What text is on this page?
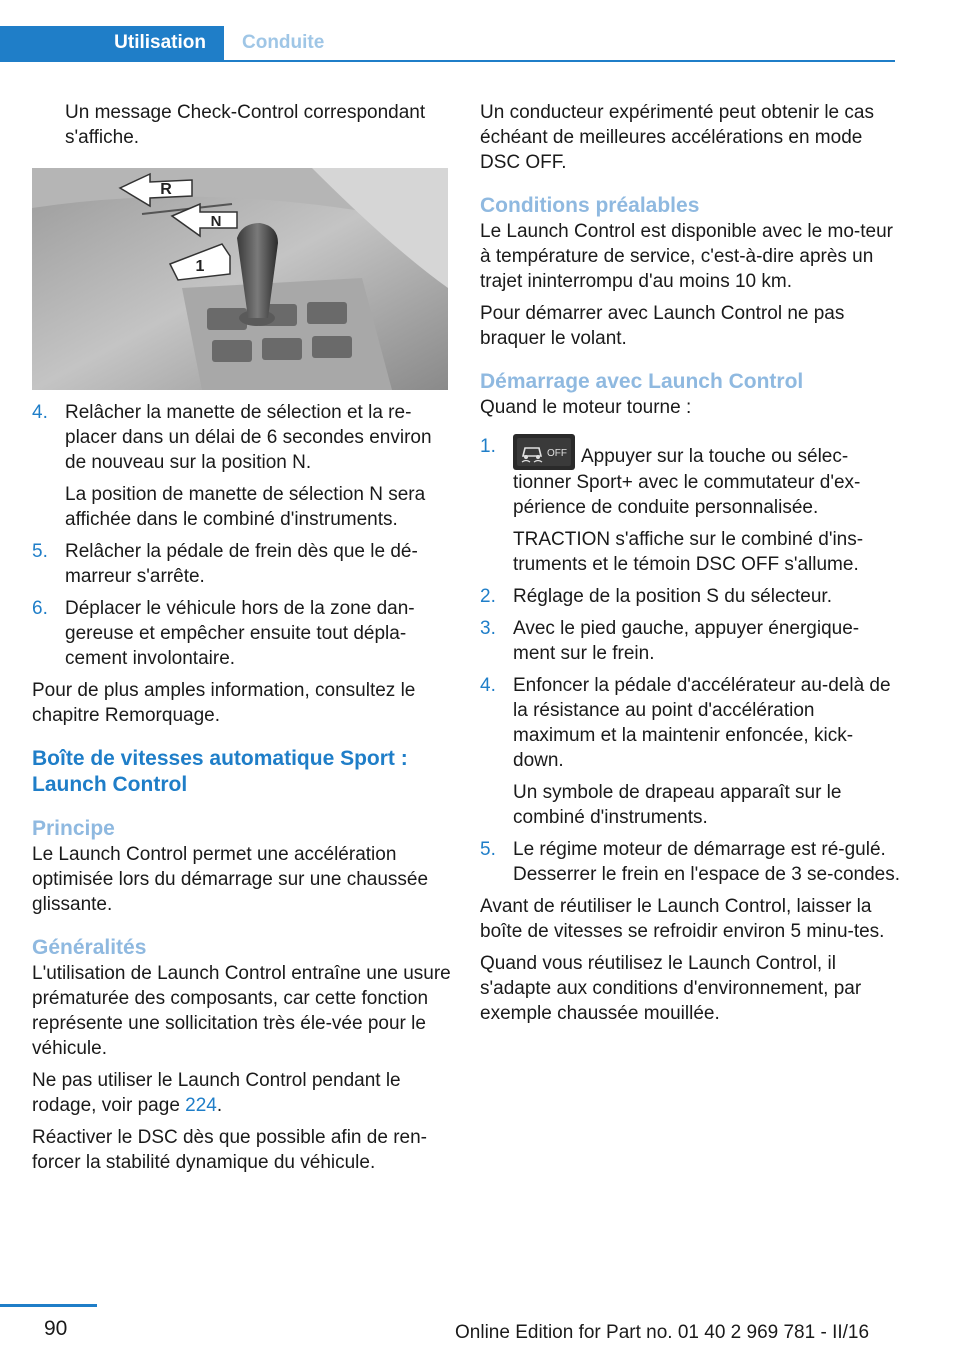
Utilisation	Conduite

Un message Check-Control correspondant s'affiche.

R
N
1
4. Relâcher la manette de sélection et la re‐placer dans un délai de 6 secondes environ de nouveau sur la position N.

La position de manette de sélection N sera affichée dans le combiné d'instruments.

5. Relâcher la pédale de frein dès que le dé‐marreur s'arrête.

6. Déplacer le véhicule hors de la zone dan‐gereuse et empêcher ensuite tout dépla‐cement involontaire.

Pour de plus amples information, consultez le chapitre Remorquage.

Boîte de vitesses automatique Sport : Launch Control
Principe

Le Launch Control permet une accélération optimisée lors du démarrage sur une chaussée glissante.

Généralités

L'utilisation de Launch Control entraîne une usure prématurée des composants, car cette fonction représente une sollicitation très éle‐vée pour le véhicule.

Ne pas utiliser le Launch Control pendant le rodage, voir page 224.

Réactiver le DSC dès que possible afin de ren‐forcer la stabilité dynamique du véhicule.

Un conducteur expérimenté peut obtenir le cas échéant de meilleures accélérations en mode DSC OFF.

Conditions préalables

Le Launch Control est disponible avec le mo‐teur à température de service, c'est-à-dire après un trajet ininterrompu d'au moins 10 km.

Pour démarrer avec Launch Control ne pas braquer le volant.

Démarrage avec Launch Control

Quand le moteur tourne :

1.	OFF Appuyer sur la touche ou sélec‐tionner Sport+ avec le commutateur d'ex‐périence de conduite personnalisée.

TRACTION s'affiche sur le combiné d'ins‐truments et le témoin DSC OFF s'allume.

2. Réglage de la position S du sélecteur.

3. Avec le pied gauche, appuyer énergique‐ment sur le frein.

4. Enfoncer la pédale d'accélérateur au-delà de la résistance au point d'accélération maximum et la maintenir enfoncée, kick‐down.

Un symbole de drapeau apparaît sur le combiné d'instruments.

5. Le régime moteur de démarrage est ré‐gulé. Desserrer le frein en l'espace de 3 se‐condes.

Avant de réutiliser le Launch Control, laisser la boîte de vitesses se refroidir environ 5 minu‐tes.

Quand vous réutilisez le Launch Control, il s'adapte aux conditions d'environnement, par exemple chaussée mouillée.

90	Online Edition for Part no. 01 40 2 969 781 - II/16
